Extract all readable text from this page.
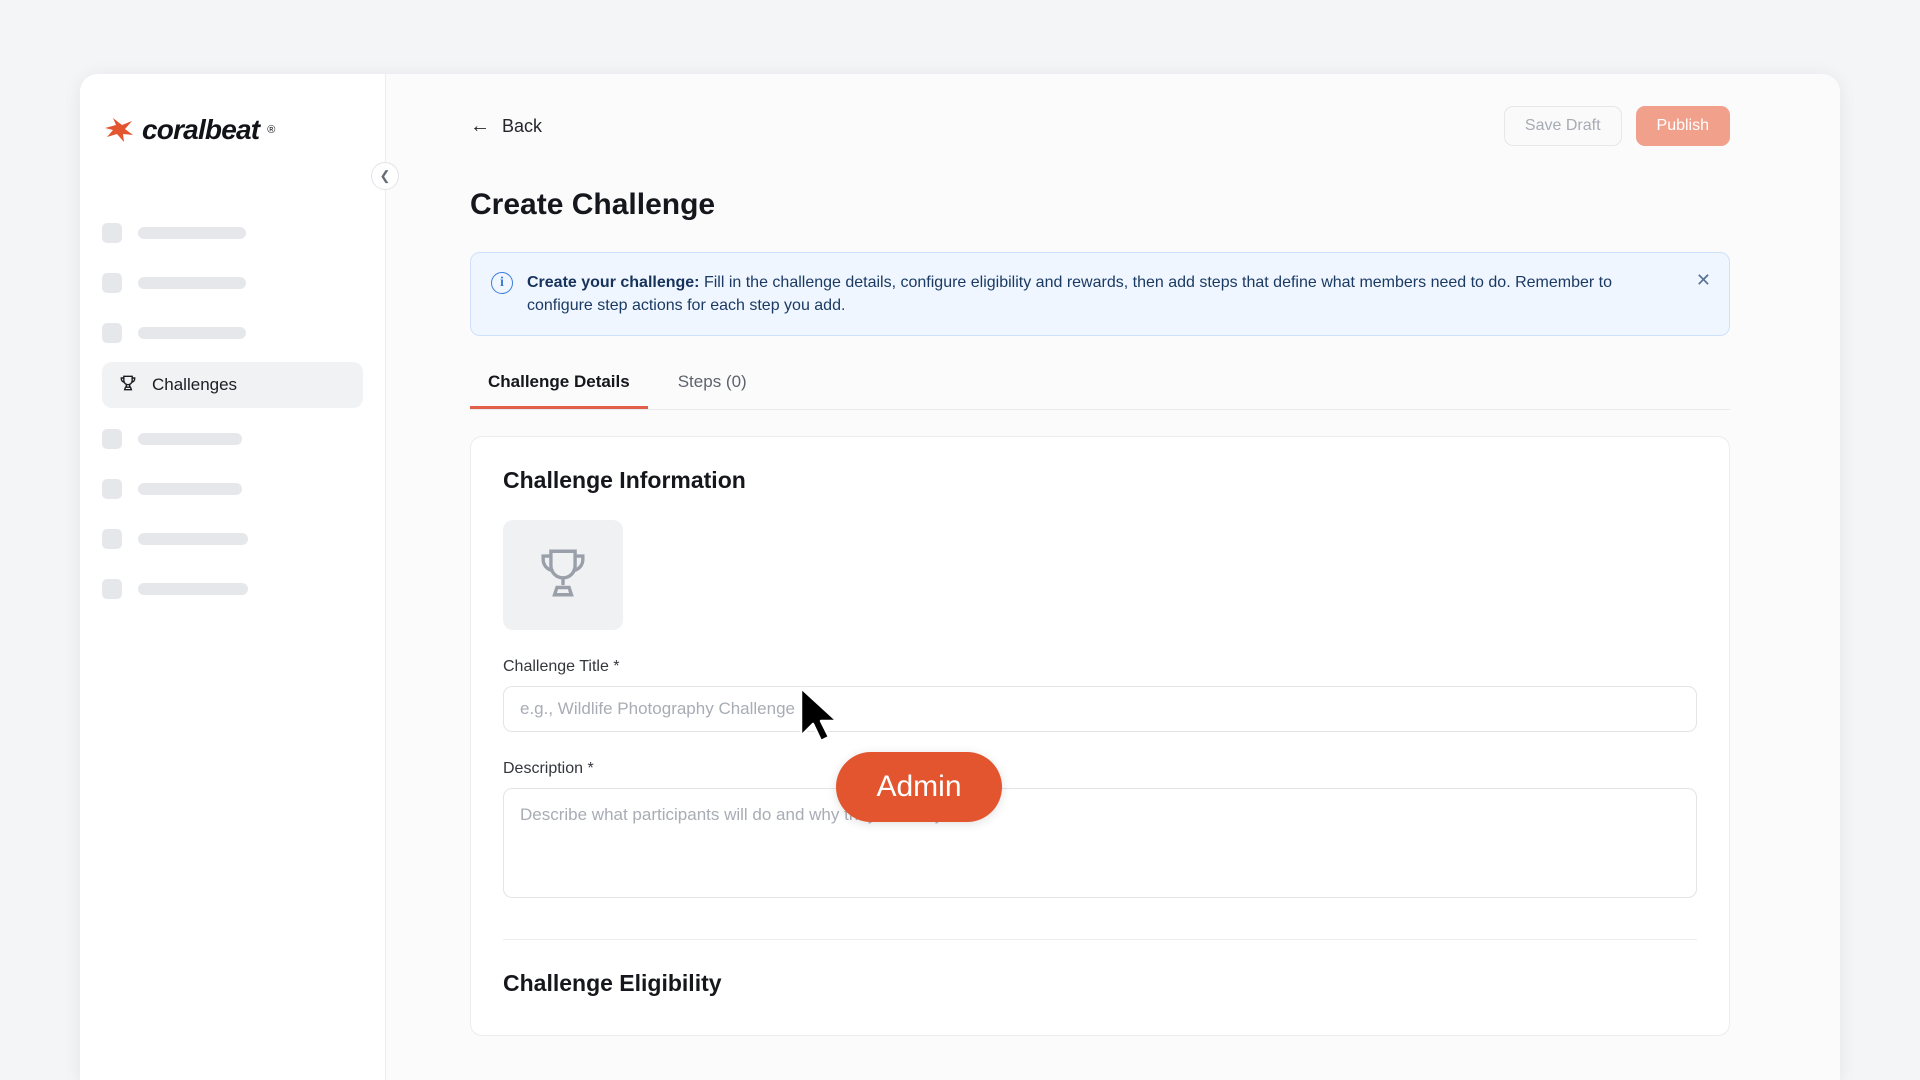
coralbeat ®
❮
Challenges
← Back	Save Draft	Publish
Create Challenge
i	Create your challenge: Fill in the challenge details, configure eligibility and rewards, then add steps that define what members need to do. Remember to configure step actions for each step you add.
✕
Challenge Details	Steps (0)
Challenge Information
Challenge Title *
e.g., Wildlife Photography Challenge
Description *
Describe what participants will do and why they should join...
Challenge Eligibility
Admin
